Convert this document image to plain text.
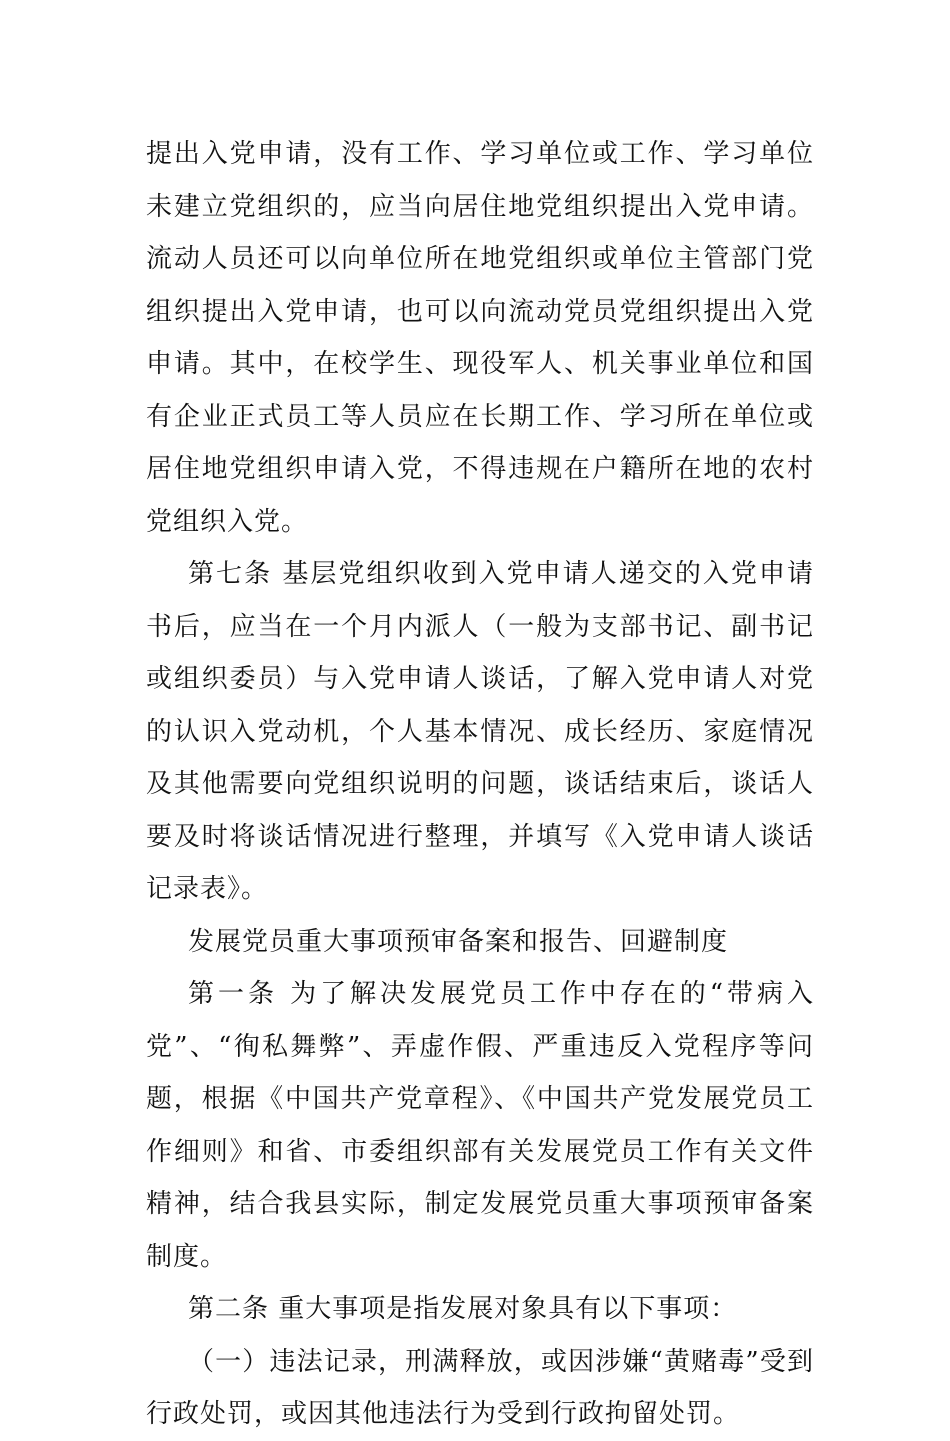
提出入党申请，没有工作、学习单位或工作、学习单位未建立党组织的，应当向居住地党组织提出入党申请。流动人员还可以向单位所在地党组织或单位主管部门党组织提出入党申请，也可以向流动党员党组织提出入党申请。其中，在校学生、现役军人、机关事业单位和国有企业正式员工等人员应在长期工作、学习所在单位或居住地党组织申请入党，不得违规在户籍所在地的农村党组织入党。

第七条 基层党组织收到入党申请人递交的入党申请书后，应当在一个月内派人（一般为支部书记、副书记或组织委员）与入党申请人谈话，了解入党申请人对党的认识入党动机，个人基本情况、成长经历、家庭情况及其他需要向党组织说明的问题，谈话结束后，谈话人要及时将谈话情况进行整理，并填写《入党申请人谈话记录表》。

发展党员重大事项预审备案和报告、回避制度

第一条 为了解决发展党员工作中存在的“带病入党”、“徇私舞弊”、弄虚作假、严重违反入党程序等问题，根据《中国共产党章程》、《中国共产党发展党员工作细则》和省、市委组织部有关发展党员工作有关文件精神，结合我县实际，制定发展党员重大事项预审备案制度。

第二条 重大事项是指发展对象具有以下事项：

（一）违法记录，刑满释放，或因涉嫌“黄赌毒”受到行政处罚，或因其他违法行为受到行政拘留处罚。
